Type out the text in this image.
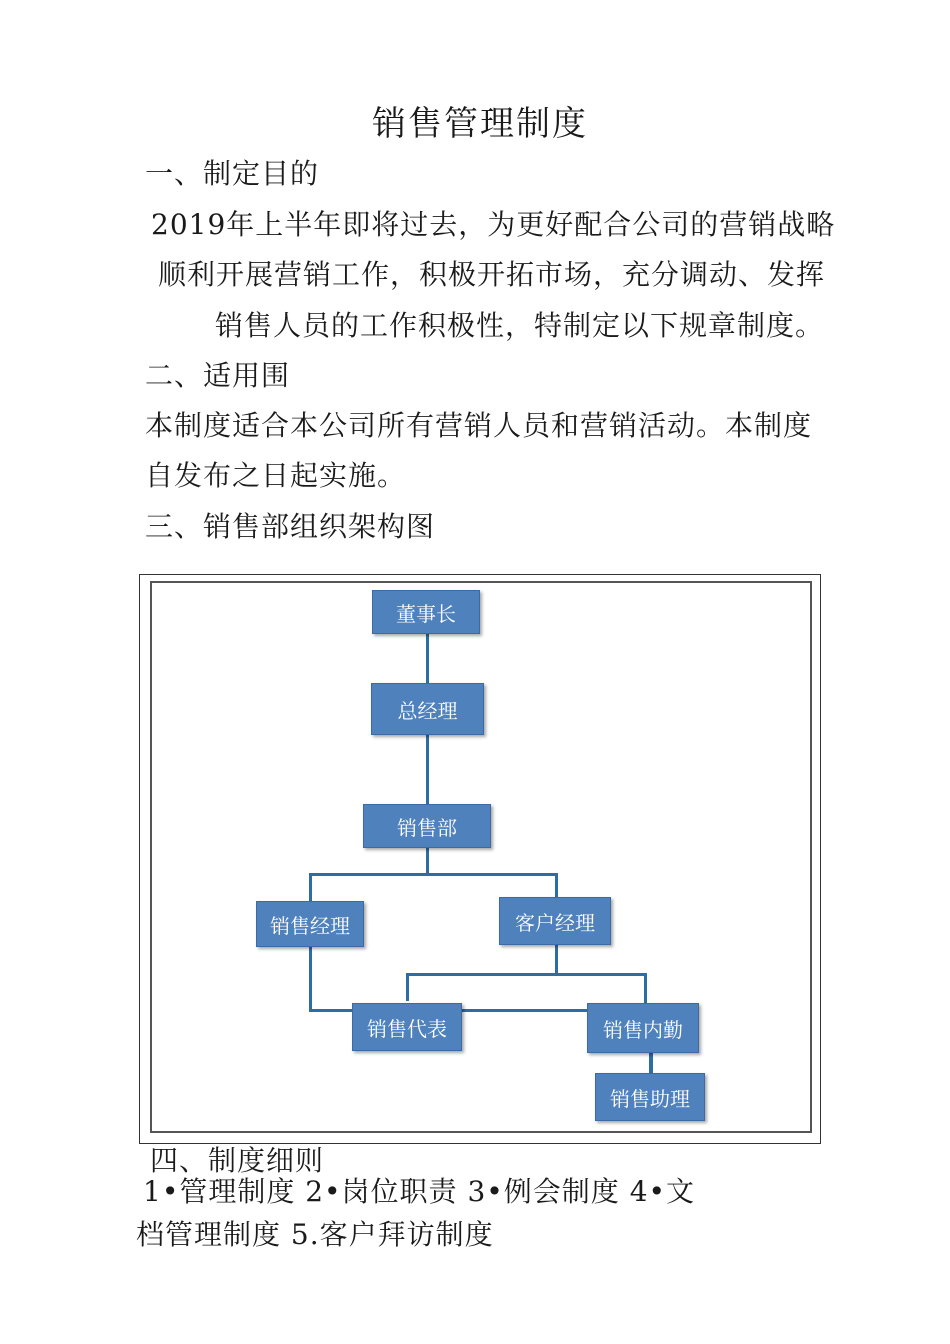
销售管理制度
一、制定目的
2019年上半年即将过去，为更好配合公司的营销战略
顺利开展营销工作，积极开拓市场，充分调动、发挥
销售人员的工作积极性，特制定以下规章制度。
二、适用围
本制度适合本公司所有营销人员和营销活动。本制度
自发布之日起实施。
三、销售部组织架构图
董事长
总经理
销售部
销售经理	客户经理
销售代表	销售内勤
销售助理
四、制度细则
1•管理制度 2•岗位职责 3•例会制度 4•文
档管理制度 5.客户拜访制度
